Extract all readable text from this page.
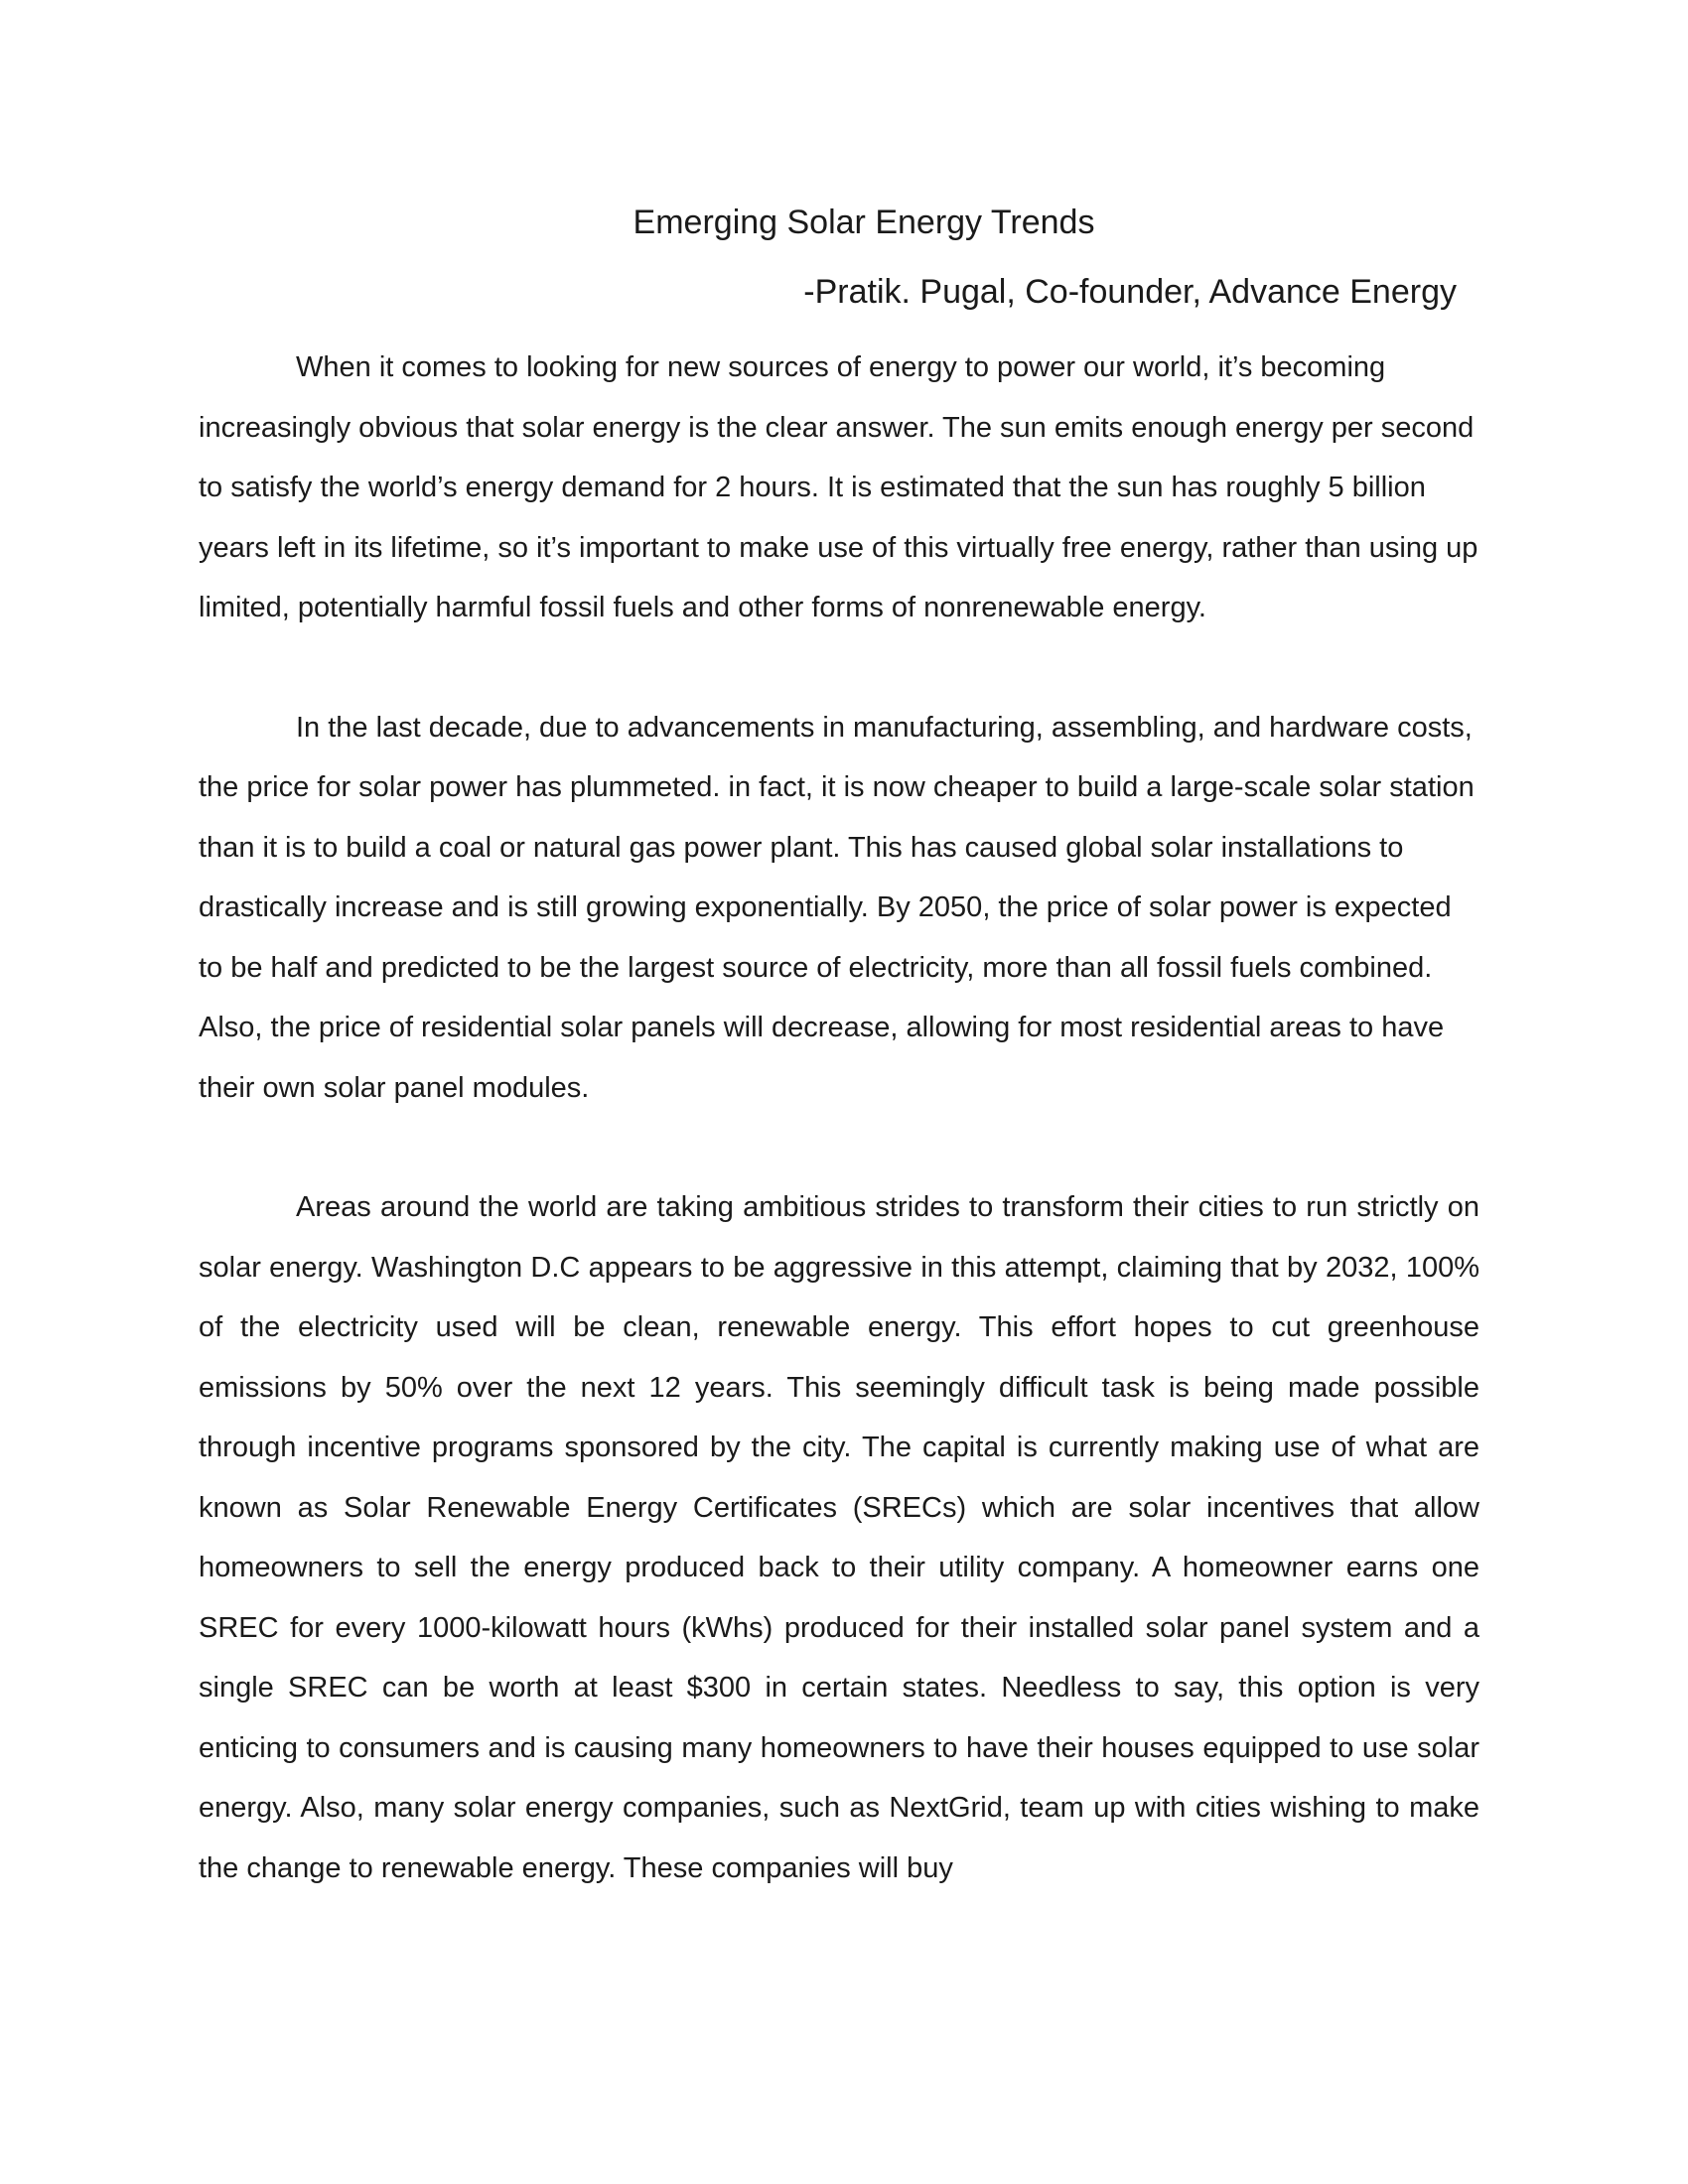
Emerging Solar Energy Trends

-Pratik. Pugal, Co-founder, Advance Energy

When it comes to looking for new sources of energy to power our world, it’s becoming increasingly obvious that solar energy is the clear answer. The sun emits enough energy per second to satisfy the world’s energy demand for 2 hours. It is estimated that the sun has roughly 5 billion years left in its lifetime, so it’s important to make use of this virtually free energy, rather than using up limited, potentially harmful fossil fuels and other forms of nonrenewable energy.

In the last decade, due to advancements in manufacturing, assembling, and hardware costs, the price for solar power has plummeted. in fact, it is now cheaper to build a large-scale solar station than it is to build a coal or natural gas power plant. This has caused global solar installations to drastically increase and is still growing exponentially. By 2050, the price of solar power is expected to be half and predicted to be the largest source of electricity, more than all fossil fuels combined. Also, the price of residential solar panels will decrease, allowing for most residential areas to have their own solar panel modules.

Areas around the world are taking ambitious strides to transform their cities to run strictly on solar energy. Washington D.C appears to be aggressive in this attempt, claiming that by 2032, 100% of the electricity used will be clean, renewable energy. This effort hopes to cut greenhouse emissions by 50% over the next 12 years. This seemingly difficult task is being made possible through incentive programs sponsored by the city. The capital is currently making use of what are known as Solar Renewable Energy Certificates (SRECs) which are solar incentives that allow homeowners to sell the energy produced back to their utility company. A homeowner earns one SREC for every 1000-kilowatt hours (kWhs) produced for their installed solar panel system and a single SREC can be worth at least $300 in certain states. Needless to say, this option is very enticing to consumers and is causing many homeowners to have their houses equipped to use solar energy. Also, many solar energy companies, such as NextGrid, team up with cities wishing to make the change to renewable energy. These companies will buy
